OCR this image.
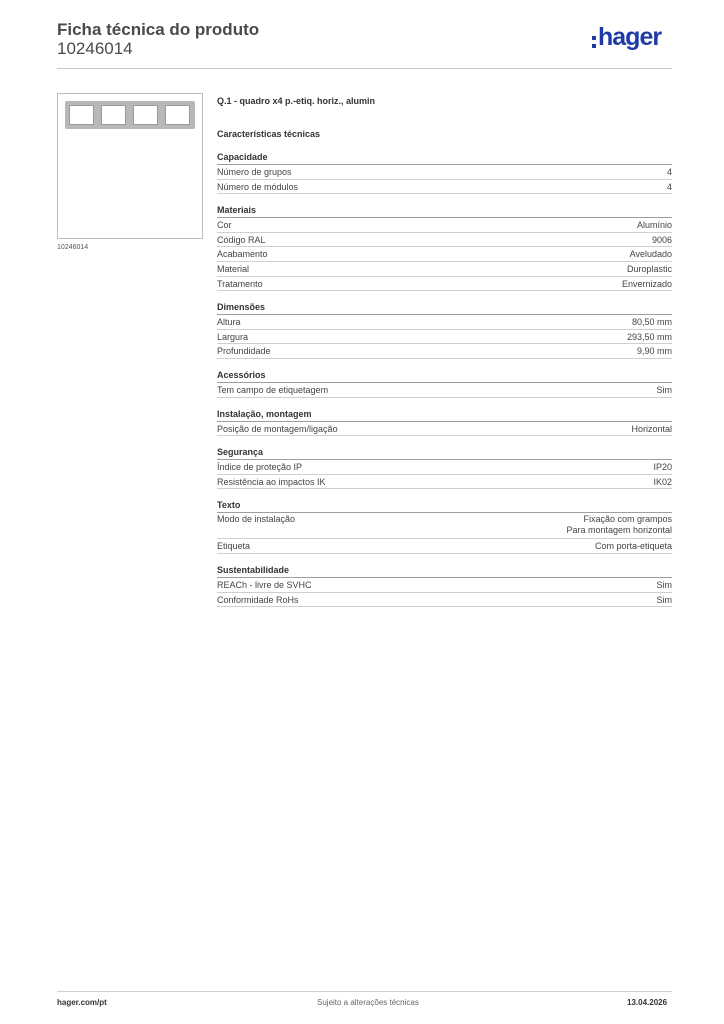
Ficha técnica do produto
10246014	hager
10246014
Q.1 - quadro x4 p.-etiq. horiz., alumin
Características técnicas
Capacidade
Número de grupos	4
Número de módulos	4
Materiais
Cor	Alumínio
Código RAL	9006
Acabamento	Aveludado
Material	Duroplastic
Tratamento	Envernizado
Dimensões
Altura	80,50 mm
Largura	293,50 mm
Profundidade	9,90 mm
Acessórios
Tem campo de etiquetagem	Sim
Instalação, montagem
Posição de montagem/ligação	Horizontal
Segurança
Índice de proteção IP	IP20
Resistência ao impactos IK	IK02
Texto
Modo de instalação	Fixação com grampos
Para montagem horizontal
Etiqueta	Com porta-etiqueta
Sustentabilidade
REACh - livre de SVHC	Sim
Conformidade RoHs	Sim
hager.com/pt	Sujeito a alterações técnicas	13.04.2026
